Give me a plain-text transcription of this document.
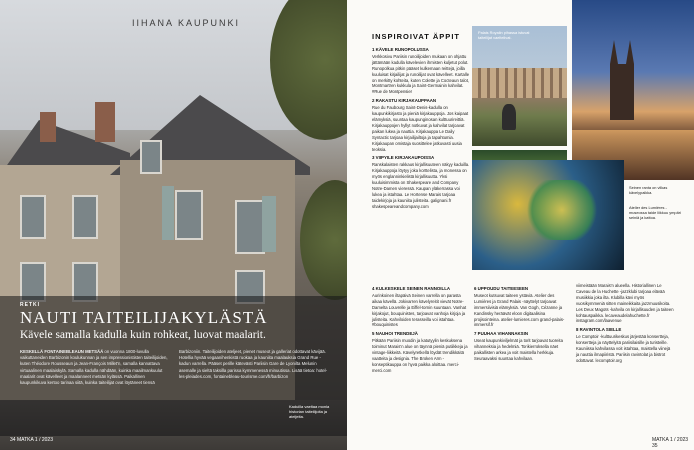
IIHANA KAUPUNKI
RETKI
NAUTI TAITEILIJAKYLÄSTÄ
Kävele samalla kadulla kuin rohkeat, luovat maalarit.
KESKELLÄ FONTAINEBLEAUN METSÄÄ on vuonna 1800-luvulla vaikuttaneiden Barbizonin koulukunnan ja sen impressionististen taiteilijoiden, kuten Théodore Rousseaun ja Jean-François Millet'n, samalla kannattava virtuaalinen maalaiskylä. Samalla kadulla nähdään, kuinka maailmankuulut maalarit ovat kävelleet ja maalanneet metsän kylässä. Paikallinen kaupunkikuva kertoo tarinaa siitä, kuinka taiteilijat ovat löytäneet tiensä Barbizoniin. Taiteilijoiden ateljeet, pienet museot ja galleriat odottavat kävijää. Hotellia hyvää vegaanihenkistä ruokaa ja kauniita maalauksia Grand Rue -kadun varrella. Pääset perille kätevästi Pariisin Gare de Lyonilta Melunin asemalle ja sieltä taksilla parissa kymmenessä minuutissa. Lisää tietoa: hotel-les-pleiades.com, fontainebleau-tourisme.com/fr/barbizon
Kaduilla vaeltaa monia historian taiteilijoita ja ateljeita.
34 MATKA 1 / 2023
INSPIROIVAT ÄPPIT
1 KÄVELE RUNOPOLUSSA

Verkkosivu Pariisin runoilijoiden mukaan on ohjattu jättämään kadulla kävelevien ihmisten kuljetut polut. Runopolkua pitkin pääset kulkemaan reittejä, joilla kuuluisat kirjailijat ja runoilijat ovat kävelleet. Kartalle on merkitty kohteita, kuten Colette ja Cocteaun talot, Montmartren kukkula ja Saint-Germainin kahvilat. #Rue de Montpensier

2 RAKASTU KIRJAKAUPPAAN

Rue du Faubourg Saint-Denis-kadulla on kaupunkikirjasto ja pieniä kirjakauppoja. Jos kaipaat elämyksiä, suuntaa kaupunginosan kulttuurireittiä. Kirjakauppojen hyllyt notkuvat ja kahvilat tarjoavat paikan lukea ja nauttia. Kirjakauppa Le Daily Syntactic tarjoaa kirjailijailtoja ja tapahtumia. Kirjakaupan omistaja suosittelee jatkuvasti uusia teoksia.

3 VIIPYILE KIRJAKAUPOISSA

Ranskalaisten rakkaus kirjallisuuteen näkyy kaduilla. Kirjakauppoja löytyy joka korttelista, ja monessa on myös englanninkielistä kirjallisuutta. Yksi kuuluisimmista on Shakespeare and Company Notre-Damen vieressä. Kaupan yläkerrassa voi lukea ja istahtaa. Le Hortense Marais tarjoaa taidekirjoja ja kauniita julisteita. galignani.fr shakespeareandcompany.com

Palais Royalin pihassa istuvat taiteilijat vaeltelivat.
Seinen ranta on vilkas kävelypaikka.
Atelier des Lumières -museossa taide liikkuu ympäri seiniä ja kattoa.
4 KULKESKELE SEINEN RANNOILLA

Aurinkoinen iltapäivä Seinen varrella on parasta aikaa kävellä. Jokivarren kävelyreitit vievät Notre-Damelta Louvrelle ja Eiffel-tornin suuntaan. Vanhat kirjakojut, bouquinistes, tarjoavat vanhoja kirjoja ja julisteita. Kahviloiden terasseilla voi istahtaa. #bouquinistes

5 NAUHOI TRENDEJÄ

Pitkään Pariisin muodin ja katutyylin keskuksena toiminut Marais'n alue on täynnä pieniä putiikkeja ja vintage-liikkeitä. Kävelyretkellä löydät trendikkäitä vaatteita ja designia. The Broken Arm -konseptikauppa on hyvä paikka aloittaa. merci-merci.com

6 UPPOUDU TAITEESEEN

Museot kutsuvat taiteen ystäviä. Atelier des Lumières ja Grand Palais -näyttelyt tarjoavat immersiivisiä elämyksiä. Van Gogh, Cézanne ja Kandinsky heräävät eloon digitaalisina projisointeina. atelier-lumieres.com grand-palais-immersif.fr

7 PUUHAA VIHANNAKSIN

Useat kaupunkiviljelmät ja torit tarjoavat tuoreita vihanneksia ja hedelmiä. Torikierroksella näet paikallisten arkea ja voit maistella herkkuja. Seuraavaksi suuntaa kahvilaan.

viimeistään Marais'n alueella. Historiallinen Le Caveau de la Huchette -jazzklubi tarjoaa elävää musiikkia joka ilta. Klubilla kävi myös vuosikymmeniä sitten maineikkaita jazzmuusikoita. Les Deux Magots -kahvila on kirjallisuuden ja taiteen kohtauspaikka. lecaveaudelahuchette.fr instagram.com/laavenue

8 RAVINTOLA SIELLE

Le Comptoir -kulttuurikeskus järjestää konsertteja, konsertteja ja näyttelyitä pariisilaisille ja turisteille. Kauniissa kahvilassa voit istahtaa, maistella viinejä ja nauttia ilmapiiristä. Pariisin ravintolat ja bistrot odottavat. lecomptoir.org

MATKA 1 / 2023 35
